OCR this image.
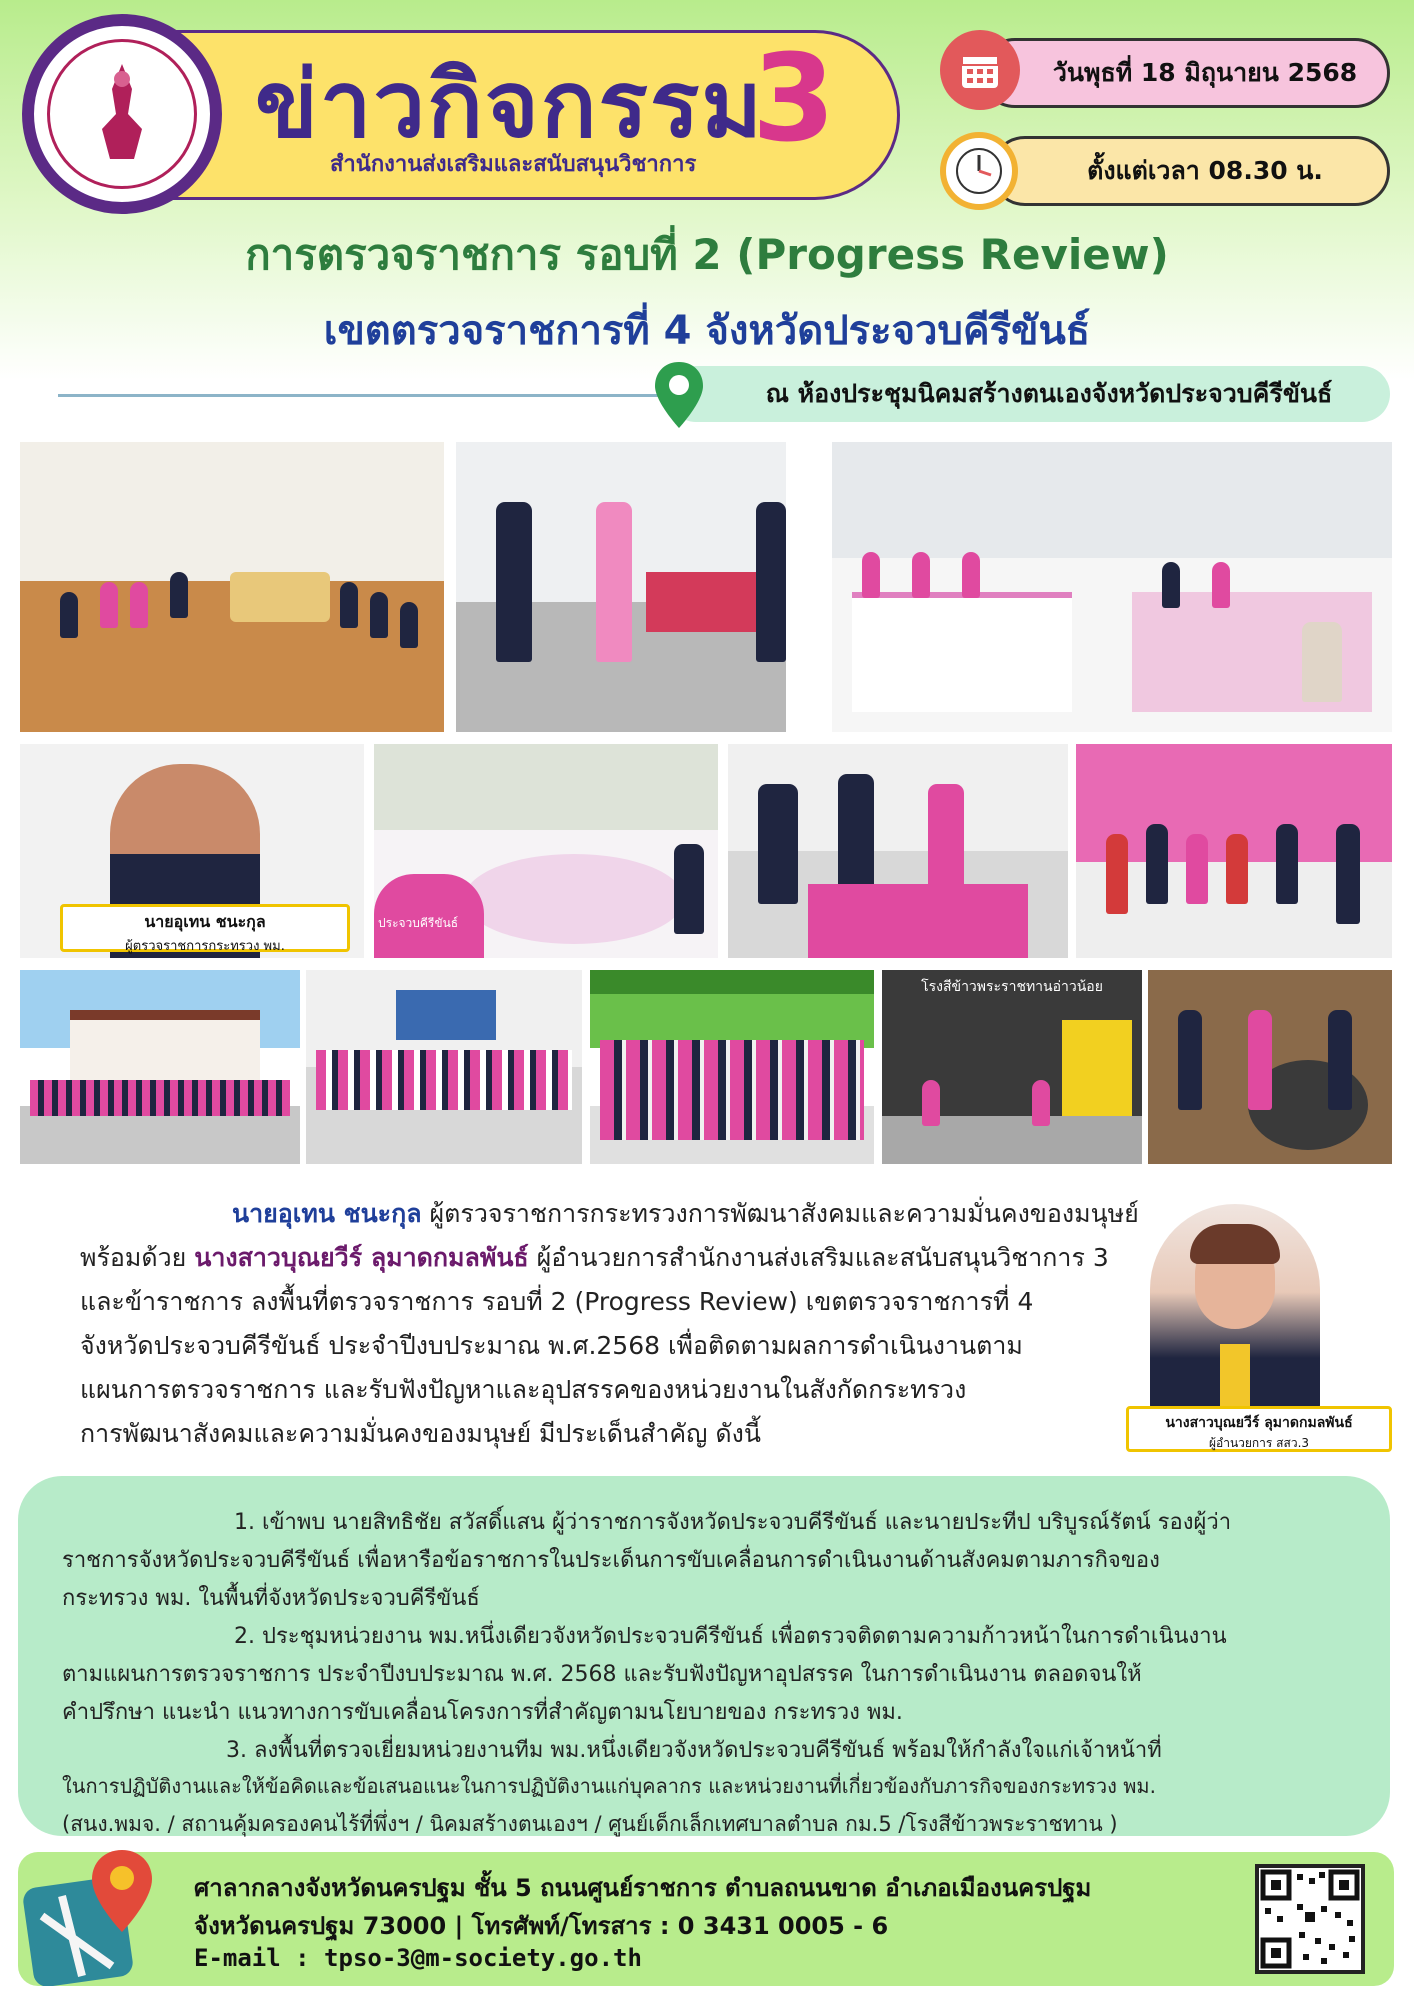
ข่าวกิจกรรม
3
สำนักงานส่งเสริมและสนับสนุนวิชาการ
วันพุธที่ 18 มิถุนายน 2568
ตั้งแต่เวลา 08.30 น.
การตรวจราชการ รอบที่ 2 (Progress Review)
เขตตรวจราชการที่ 4 จังหวัดประจวบคีรีขันธ์
ณ ห้องประชุมนิคมสร้างตนเองจังหวัดประจวบคีรีขันธ์
นายอุเทน ชนะกุล
ผู้ตรวจราชการกระทรวง พม.
ประจวบคีรีขันธ์
โรงสีข้าวพระราชทานอ่าวน้อย
นายอุเทน ชนะกุล ผู้ตรวจราชการกระทรวงการพัฒนาสังคมและความมั่นคงของมนุษย์
พร้อมด้วย นางสาวบุณยวีร์ ลุมาดกมลพันธ์ ผู้อำนวยการสำนักงานส่งเสริมและสนับสนุนวิชาการ 3
และข้าราชการ ลงพื้นที่ตรวจราชการ รอบที่ 2 (Progress Review) เขตตรวจราชการที่ 4
จังหวัดประจวบคีรีขันธ์ ประจำปีงบประมาณ พ.ศ.2568 เพื่อติดตามผลการดำเนินงานตาม
แผนการตรวจราชการ และรับฟังปัญหาและอุปสรรคของหน่วยงานในสังกัดกระทรวง
การพัฒนาสังคมและความมั่นคงของมนุษย์ มีประเด็นสำคัญ ดังนี้	นางสาวบุณยวีร์ ลุมาดกมลพันธ์
ผู้อำนวยการ สสว.3
1. เข้าพบ นายสิทธิชัย สวัสดิ์แสน ผู้ว่าราชการจังหวัดประจวบคีรีขันธ์ และนายประทีป บริบูรณ์รัตน์ รองผู้ว่า
ราชการจังหวัดประจวบคีรีขันธ์ เพื่อหารือข้อราชการในประเด็นการขับเคลื่อนการดำเนินงานด้านสังคมตามภารกิจของ
กระทรวง พม. ในพื้นที่จังหวัดประจวบคีรีขันธ์
2. ประชุมหน่วยงาน พม.หนึ่งเดียวจังหวัดประจวบคีรีขันธ์ เพื่อตรวจติดตามความก้าวหน้าในการดำเนินงาน
ตามแผนการตรวจราชการ ประจำปีงบประมาณ พ.ศ. 2568 และรับฟังปัญหาอุปสรรค ในการดำเนินงาน ตลอดจนให้
คำปรึกษา แนะนำ แนวทางการขับเคลื่อนโครงการที่สำคัญตามนโยบายของ กระทรวง พม.
3. ลงพื้นที่ตรวจเยี่ยมหน่วยงานทีม พม.หนึ่งเดียวจังหวัดประจวบคีรีขันธ์ พร้อมให้กำลังใจแก่เจ้าหน้าที่
ในการปฏิบัติงานและให้ข้อคิดและข้อเสนอแนะในการปฏิบัติงานแก่บุคลากร และหน่วยงานที่เกี่ยวข้องกับภารกิจของกระทรวง พม.
(สนง.พมจ. / สถานคุ้มครองคนไร้ที่พึ่งฯ / นิคมสร้างตนเองฯ / ศูนย์เด็กเล็กเทศบาลตำบล กม.5 /โรงสีข้าวพระราชทาน )
ศาลากลางจังหวัดนครปฐม ชั้น 5 ถนนศูนย์ราชการ ตำบลถนนขาด อำเภอเมืองนครปฐม
จังหวัดนครปฐม 73000 | โทรศัพท์/โทรสาร : 0 3431 0005 - 6
E-mail : tpso-3@m-society.go.th
